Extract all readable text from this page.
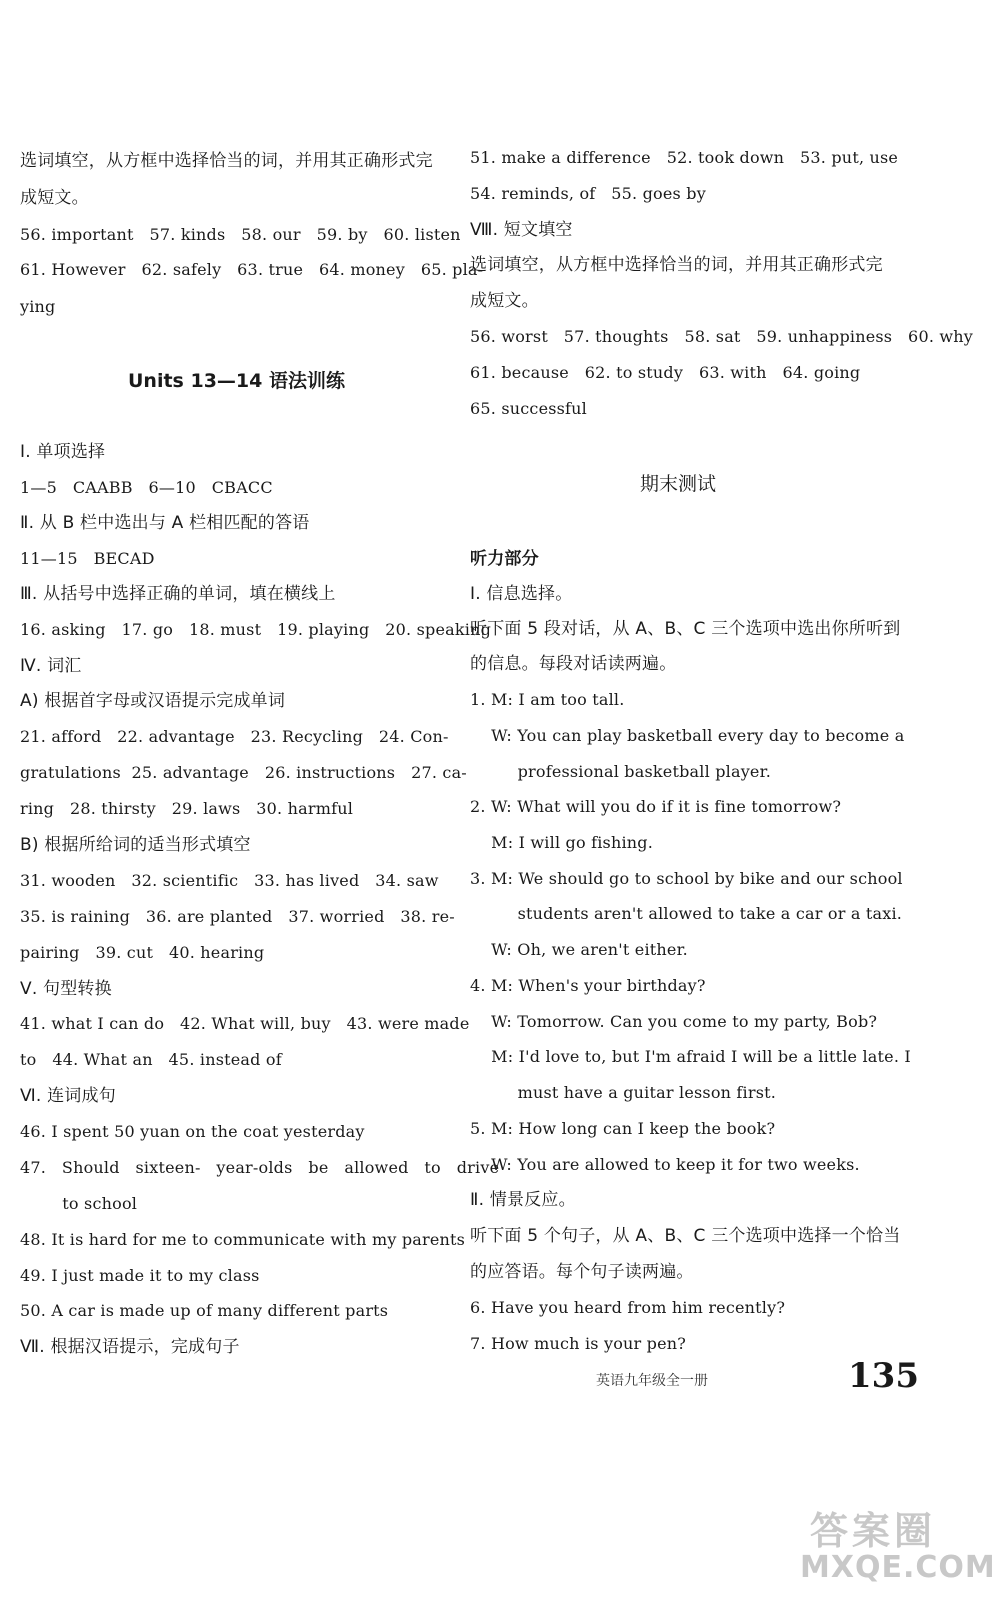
选词填空，从方框中选择恰当的词，并用其正确形式完
成短文。
56. important   57. kinds   58. our   59. by   60. listen
61. However   62. safely   63. true   64. money   65. pla-
ying
Units 13—14 语法训练
Ⅰ. 单项选择
1—5   CAABB   6—10   CBACC
Ⅱ. 从 B 栏中选出与 A 栏相匹配的答语
11—15   BECAD
Ⅲ. 从括号中选择正确的单词，填在横线上
16. asking   17. go   18. must   19. playing   20. speaking
Ⅳ. 词汇
A) 根据首字母或汉语提示完成单词
21. afford   22. advantage   23. Recycling   24. Con-
gratulations  25. advantage   26. instructions   27. ca-
ring   28. thirsty   29. laws   30. harmful
B) 根据所给词的适当形式填空
31. wooden   32. scientific   33. has lived   34. saw
35. is raining   36. are planted   37. worried   38. re-
pairing   39. cut   40. hearing
Ⅴ. 句型转换
41. what I can do   42. What will, buy   43. were made
to   44. What an   45. instead of
Ⅵ. 连词成句
46. I spent 50 yuan on the coat yesterday
47.   Should   sixteen-   year-olds   be   allowed   to   drive
to school
48. It is hard for me to communicate with my parents
49. I just made it to my class
50. A car is made up of many different parts
Ⅶ. 根据汉语提示，完成句子
51. make a difference   52. took down   53. put, use
54. reminds, of   55. goes by
Ⅷ. 短文填空
选词填空，从方框中选择恰当的词，并用其正确形式完
成短文。
56. worst   57. thoughts   58. sat   59. unhappiness   60. why
61. because   62. to study   63. with   64. going
65. successful
期末测试
听力部分
Ⅰ. 信息选择。
听下面 5 段对话，从 A、B、C 三个选项中选出你所听到
的信息。每段对话读两遍。
1. M: I am too tall.
W: You can play basketball every day to become a
professional basketball player.
2. W: What will you do if it is fine tomorrow?
M: I will go fishing.
3. M: We should go to school by bike and our school
students aren't allowed to take a car or a taxi.
W: Oh, we aren't either.
4. M: When's your birthday?
W: Tomorrow. Can you come to my party, Bob?
M: I'd love to, but I'm afraid I will be a little late. I
must have a guitar lesson first.
5. M: How long can I keep the book?
W: You are allowed to keep it for two weeks.
Ⅱ. 情景反应。
听下面 5 个句子，从 A、B、C 三个选项中选择一个恰当
的应答语。每个句子读两遍。
6. Have you heard from him recently?
7. How much is your pen?
英语九年级全一册	135
答案圈
MXQE.COM
